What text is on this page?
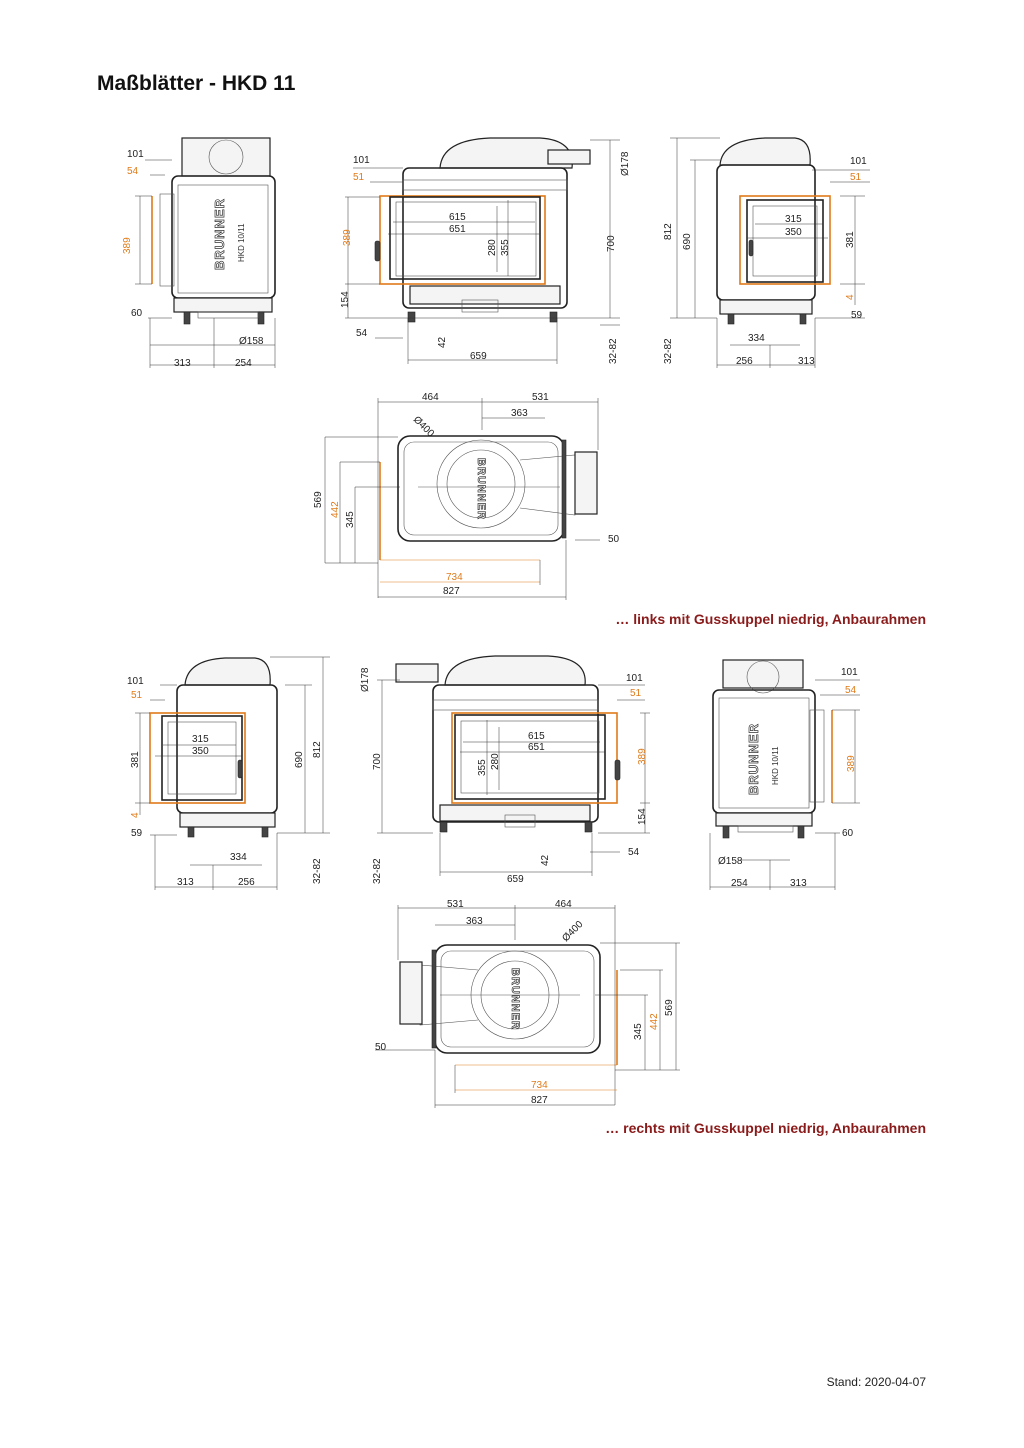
Maßblätter - HKD 11
BRUNNER HKD 10/11
101
54
389
60
Ø158
313	254
101
51
389
154
54
42
615
651
280 355
659
700
Ø178
32-82
315
350
101
51
381
4
59
812
690
334
256	313
32-82
BRUNNER
464	531
Ø400
363
569
442
345
50
734
827
101
51
315
350
381
4
59
334
313	256
690
812
32-82
Ø178
700
101
51
615
651
355 280	389
154
54
42
659
32-82
BRUNNER HKD 10/11
101
54
389
60
Ø158
254	313
BRUNNER
531	464
363	Ø400
50
345
442
569
734
827
… links mit Gusskuppel niedrig, Anbaurahmen
… rechts mit Gusskuppel niedrig, Anbaurahmen
Stand: 2020-04-07
